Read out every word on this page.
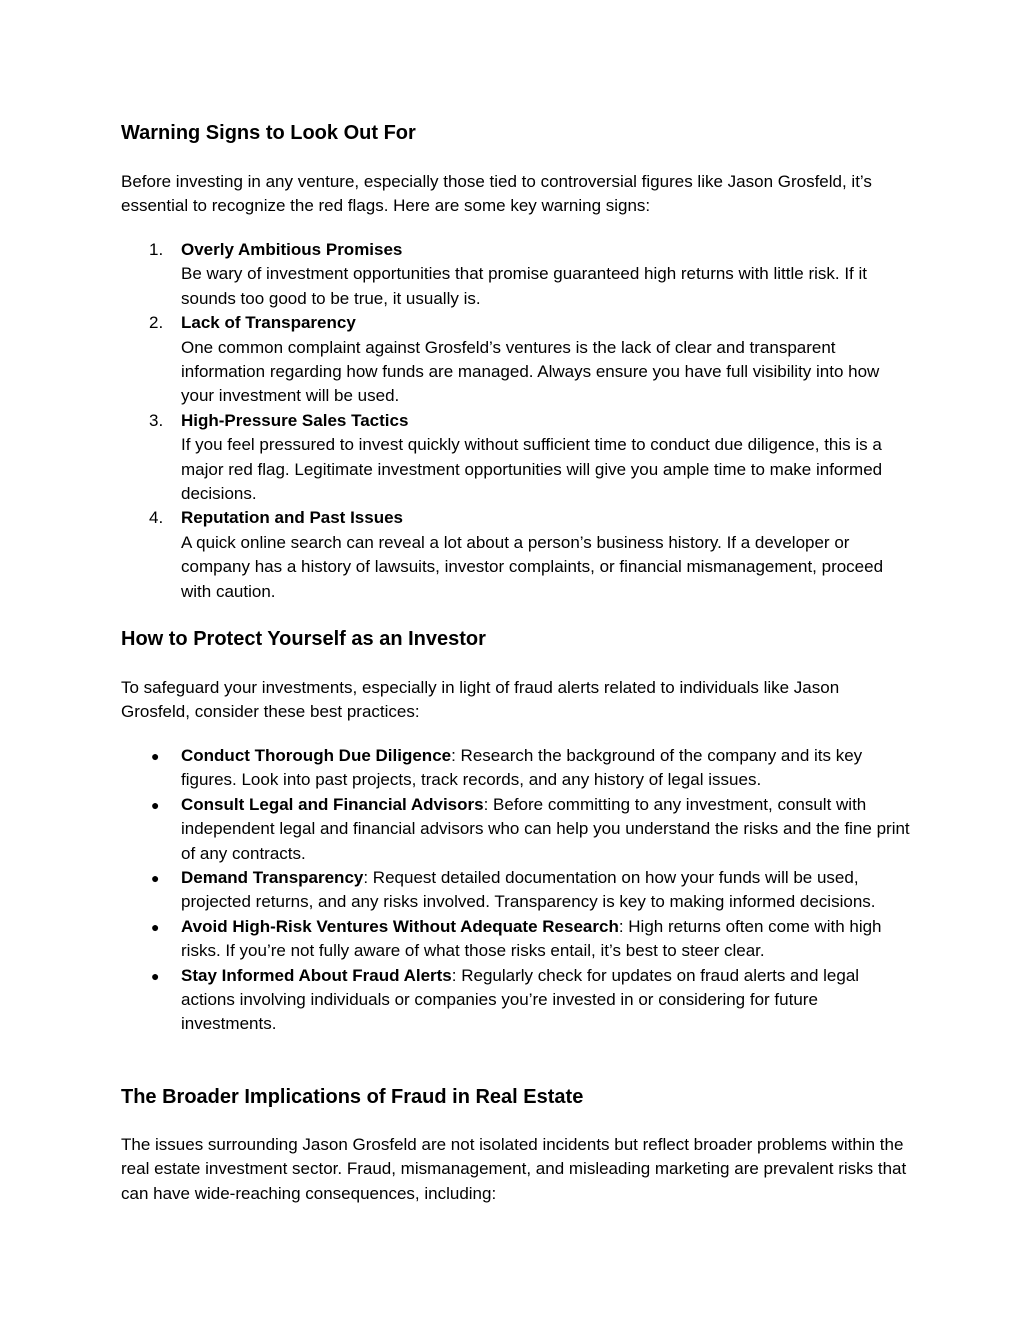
Warning Signs to Look Out For

Before investing in any venture, especially those tied to controversial figures like Jason Grosfeld, it’s essential to recognize the red flags. Here are some key warning signs:

1. Overly Ambitious Promises
Be wary of investment opportunities that promise guaranteed high returns with little risk. If it sounds too good to be true, it usually is.
2. Lack of Transparency
One common complaint against Grosfeld’s ventures is the lack of clear and transparent information regarding how funds are managed. Always ensure you have full visibility into how your investment will be used.
3. High-Pressure Sales Tactics
If you feel pressured to invest quickly without sufficient time to conduct due diligence, this is a major red flag. Legitimate investment opportunities will give you ample time to make informed decisions.
4. Reputation and Past Issues
A quick online search can reveal a lot about a person’s business history. If a developer or company has a history of lawsuits, investor complaints, or financial mismanagement, proceed with caution.
How to Protect Yourself as an Investor

To safeguard your investments, especially in light of fraud alerts related to individuals like Jason Grosfeld, consider these best practices:

● Conduct Thorough Due Diligence: Research the background of the company and its key figures. Look into past projects, track records, and any history of legal issues.
● Consult Legal and Financial Advisors: Before committing to any investment, consult with independent legal and financial advisors who can help you understand the risks and the fine print of any contracts.
● Demand Transparency: Request detailed documentation on how your funds will be used, projected returns, and any risks involved. Transparency is key to making informed decisions.
● Avoid High-Risk Ventures Without Adequate Research: High returns often come with high risks. If you’re not fully aware of what those risks entail, it’s best to steer clear.
● Stay Informed About Fraud Alerts: Regularly check for updates on fraud alerts and legal actions involving individuals or companies you’re invested in or considering for future investments.
The Broader Implications of Fraud in Real Estate

The issues surrounding Jason Grosfeld are not isolated incidents but reflect broader problems within the real estate investment sector. Fraud, mismanagement, and misleading marketing are prevalent risks that can have wide-reaching consequences, including:
